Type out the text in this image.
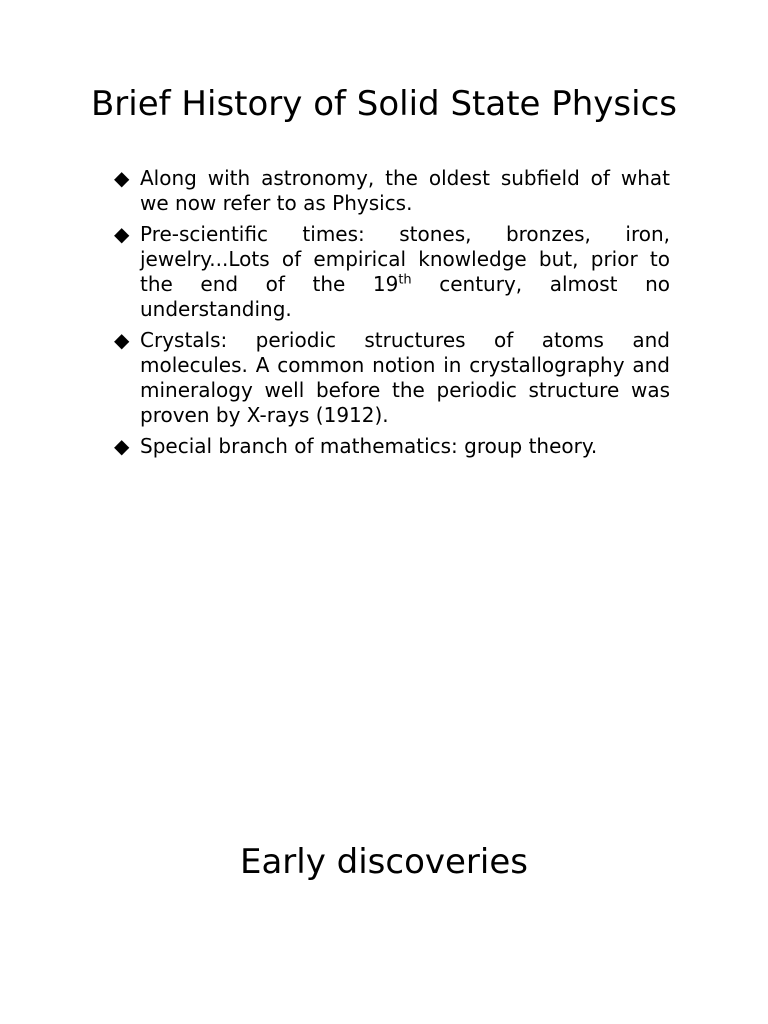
Brief History of Solid State Physics
◆ Along with astronomy, the oldest subfield of what we now refer to as Physics.

◆ Pre-scientific times: stones, bronzes, iron, jewelry...Lots of empirical knowledge but, prior to the end of the 19th century, almost no understanding.

◆ Crystals: periodic structures of atoms and molecules. A common notion in crystallography and mineralogy well before the periodic structure was proven by X-rays (1912).

◆ Special branch of mathematics: group theory.

Early discoveries
